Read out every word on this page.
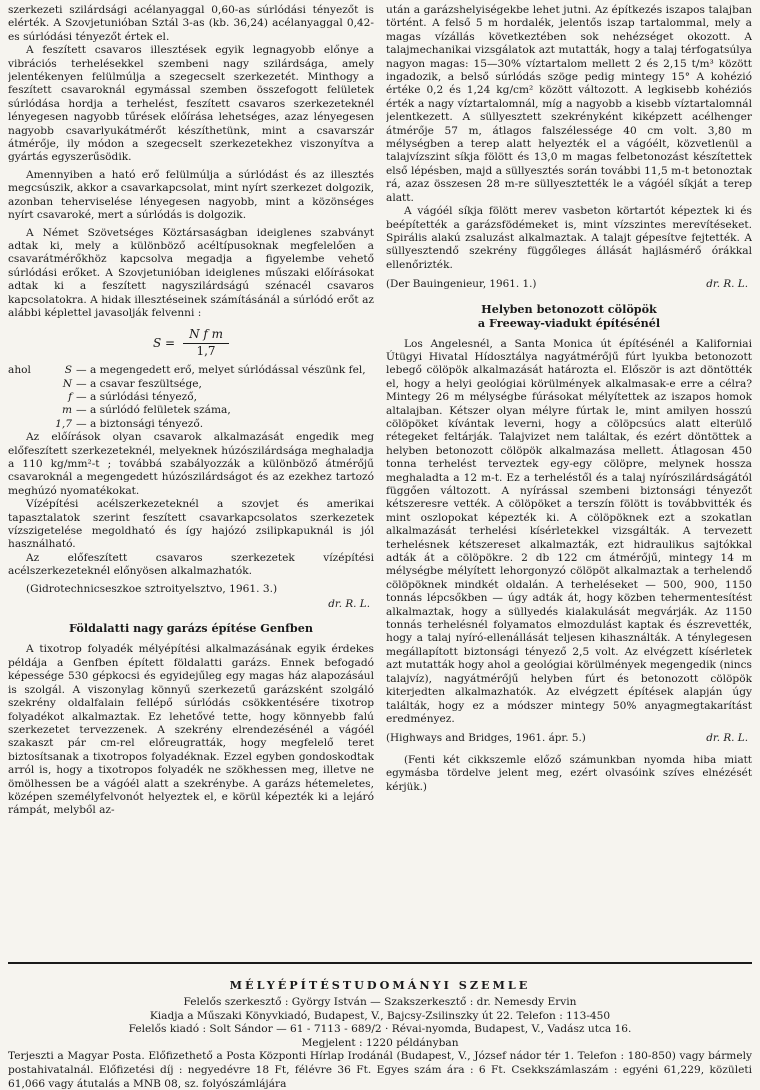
szerkezeti szilárdsági acélanyaggal 0,60-as súrlódási tényezőt is elérték. A Szovjetunióban Sztál 3-as (kb. 36,24) acélanyaggal 0,42-es súrlódási tényezőt értek el.

A feszített csavaros illesztések egyik legnagyobb előnye a vibrációs terhelésekkel szembeni nagy szilárdsága, amely jelentékenyen felülmúlja a szegecselt szerkezetét. Minthogy a feszített csavaroknál egymással szemben összefogott felületek súrlódása hordja a terhelést, feszített csavaros szerkezeteknél lényegesen nagyobb tűrések előírása lehetséges, azaz lényegesen nagyobb csavarlyukátmérőt készíthetünk, mint a csavarszár átmérője, ily módon a szegecselt szerkezetekhez viszonyítva a gyártás egyszerűsödik.

Amennyiben a ható erő felülmúlja a súrlódást és az illesztés megcsúszik, akkor a csavarkapcsolat, mint nyírt szerkezet dolgozik, azonban teherviselése lényegesen nagyobb, mint a közönséges nyírt csavaroké, mert a súrlódás is dolgozik.

A Német Szövetséges Köztársaságban ideiglenes szabványt adtak ki, mely a különböző acéltípusoknak megfelelően a csavarátmérőkhöz kapcsolva megadja a figyelembe vehető súrlódási erőket. A Szovjetunióban ideiglenes műszaki előírásokat adtak ki a feszített nagyszilárdságú szénacél csavaros kapcsolatokra. A hidak illesztéseinek számításánál a súrlódó erőt az alábbi képlettel javasolják felvenni :

$S = \frac{\text{N f m}}{1,7}$
ahol	S — a megengedett erő, melyet súrlódással vészünk fel,
N — a csavar feszültsége,
f — a súrlódási tényező,
m — a súrlódó felületek száma,
1,7 — a biztonsági tényező.

Az előírások olyan csavarok alkalmazását engedik meg előfeszített szerkezeteknél, melyeknek húzószilárdsága meghaladja a 110 kg/mm²-t ; továbbá szabályozzák a különböző átmérőjű csavaroknál a megengedett húzószilárdságot és az ezekhez tartozó meghúzó nyomatékokat.

Vízépítési acélszerkezeteknél a szovjet és amerikai tapasztalatok szerint feszített csavarkapcsolatos szerkezetek vízszigetelése megoldható és így hajózó zsilipkapuknál is jól használható.

Az előfeszített csavaros szerkezetek vízépítési acélszerkezeteknél előnyösen alkalmazhatók.

(Gidrotechnicseszkoe sztroityelsztvo, 1961. 3.)

dr. R. L.
Földalatti nagy garázs építése Genfben

A tixotrop folyadék mélyépítési alkalmazásának egyik érdekes példája a Genfben épített földalatti garázs. Ennek befogadó képessége 530 gépkocsi és egyidejűleg egy magas ház alapozásául is szolgál. A viszonylag könnyű szerkezetű garázsként szolgáló szekrény oldalfalain fellépő súrlódás csökkentésére tixotrop folyadékot alkalmaztak. Ez lehetővé tette, hogy könnyebb falú szerkezetet tervezzenek. A szekrény elrendezésénél a vágóél szakaszt pár cm-rel előreugratták, hogy megfelelő teret biztosítsanak a tixotropos folyadéknak. Ezzel egyben gondoskodtak arról is, hogy a tixotropos folyadék ne szökhessen meg, illetve ne ömölhessen be a vágóél alatt a szekrénybe. A garázs hétemeletes, középen személyfelvonót helyeztek el, e körül képezték ki a lejáró rámpát, melyből az-

után a garázshelyiségekbe lehet jutni. Az építkezés iszapos talajban történt. A felső 5 m hordalék, jelentős iszap tartalommal, mely a magas vízállás következtében sok nehézséget okozott. A talajmechanikai vizsgálatok azt mutatták, hogy a talaj térfogatsúlya nagyon magas: 15—30% víztartalom mellett 2 és 2,15 t/m³ között ingadozik, a belső súrlódás szöge pedig mintegy 15° A kohézió értéke 0,2 és 1,24 kg/cm² között változott. A legkisebb kohéziós érték a nagy víztartalomnál, míg a nagyobb a kisebb víztartalomnál jelentkezett. A süllyesztett szekrényként kiképzett acélhenger átmérője 57 m, átlagos falszélessége 40 cm volt. 3,80 m mélységben a terep alatt helyezték el a vágóélt, közvetlenül a talajvízszint síkja fölött és 13,0 m magas felbetonozást készítettek első lépésben, majd a süllyesztés során további 11,5 m-t betonoztak rá, azaz összesen 28 m-re süllyesztették le a vágóél síkját a terep alatt.

A vágóél síkja fölött merev vasbeton körtartót képeztek ki és beépítették a garázsfödémeket is, mint vízszintes merevítéseket. Spirális alakú zsaluzást alkalmaztak. A talajt gépesítve fejtették. A süllyesztendő szekrény függőleges állását hajlásmérő órákkal ellenőrizték.

(Der Bauingenieur, 1961. 1.)	dr. R. L.
Helyben betonozott cölöpök
a Freeway-viadukt építésénél

Los Angelesnél, a Santa Monica út építésénél a Kaliforniai Útügyi Hivatal Hídosztálya nagyátmérőjű fúrt lyukba betonozott lebegő cölöpök alkalmazását határozta el. Először is azt döntötték el, hogy a helyi geológiai körülmények alkalmasak-e erre a célra? Mintegy 26 m mélységbe fúrásokat mélyítettek az iszapos homok altalajban. Kétszer olyan mélyre fúrtak le, mint amilyen hosszú cölöpöket kívántak leverni, hogy a cölöpcsúcs alatt elterülő rétegeket feltárják. Talajvizet nem találtak, és ezért döntöttek a helyben betonozott cölöpök alkalmazása mellett. Átlagosan 450 tonna terhelést terveztek egy-egy cölöpre, melynek hossza meghaladta a 12 m-t. Ez a terheléstől és a talaj nyírószilárdságától függően változott. A nyírással szembeni biztonsági tényezőt kétszeresre vették. A cölöpöket a terszín fölött is továbbvitték és mint oszlopokat képezték ki. A cölöpöknek ezt a szokatlan alkalmazását terhelési kísérletekkel vizsgálták. A tervezett terhelésnek kétszereset alkalmazták, ezt hidraulikus sajtókkal adták át a cölöpökre. 2 db 122 cm átmérőjű, mintegy 14 m mélységbe mélyített lehorgonyzó cölöpöt alkalmaztak a terhelendő cölöpöknek mindkét oldalán. A terheléseket — 500, 900, 1150 tonnás lépcsőkben — úgy adták át, hogy közben tehermentesítést alkalmaztak, hogy a süllyedés kialakulását megvárják. Az 1150 tonnás terhelésnél folyamatos elmozdulást kaptak és észrevették, hogy a talaj nyíró-ellenállását teljesen kihasználták. A ténylegesen megállapított biztonsági tényező 2,5 volt. Az elvégzett kísérletek azt mutatták hogy ahol a geológiai körülmények megengedik (nincs talajvíz), nagyátmérőjű helyben fúrt és betonozott cölöpök kiterjedten alkalmazhatók. Az elvégzett építések alapján úgy találták, hogy ez a módszer mintegy 50% anyagmegtakarítást eredményez.

(Highways and Bridges, 1961. ápr. 5.)	dr. R. L.

(Fenti két cikkszemle előző számunkban nyomda hiba miatt egymásba tördelve jelent meg, ezért olvasóink szíves elnézését kérjük.)

MÉLYÉPÍTÉSTUDOMÁNYI SZEMLE
Felelős szerkesztő : György István — Szakszerkesztő : dr. Nemesdy Ervin
Kiadja a Műszaki Könyvkiadó, Budapest, V., Bajcsy-Zsilinszky út 22. Telefon : 113-450
Felelős kiadó : Solt Sándor — 61 - 7113 - 689/2 · Révai-nyomda, Budapest, V., Vadász utca 16.
Megjelent : 1220 példányban
Terjeszti a Magyar Posta. Előfizethető a Posta Központi Hírlap Irodánál (Budapest, V., József nádor tér 1. Telefon : 180-850) vagy bármely postahivatalnál. Előfizetési díj : negyedévre 18 Ft, félévre 36 Ft. Egyes szám ára : 6 Ft. Csekkszámlaszám : egyéni 61,229, közületi 61,066 vagy átutalás a MNB 08, sz. folyószámlájára
